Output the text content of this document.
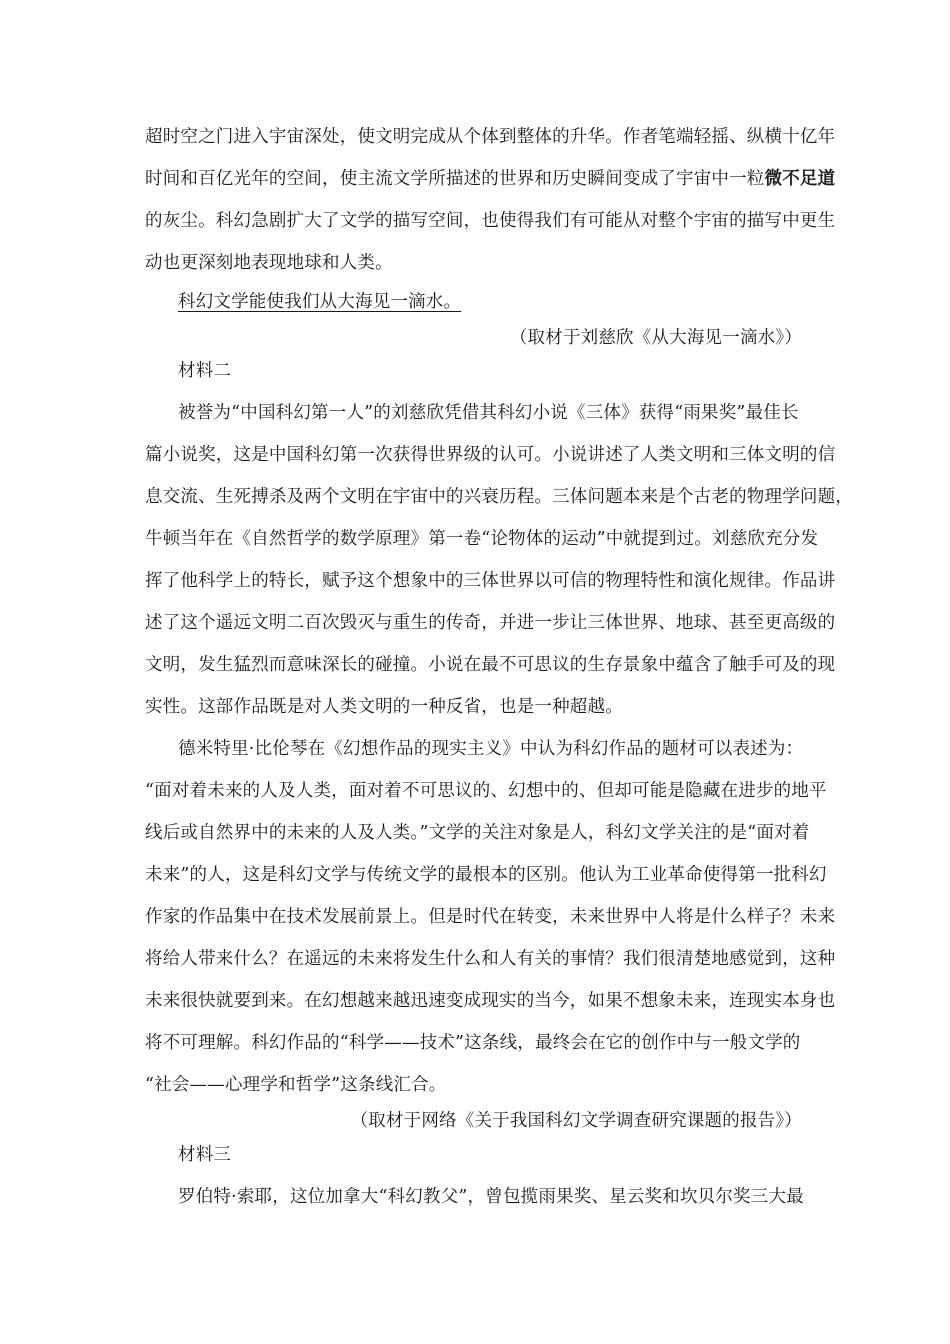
超时空之门进入宇宙深处，使文明完成从个体到整体的升华。作者笔端轻摇、纵横十亿年
时间和百亿光年的空间，使主流文学所描述的世界和历史瞬间变成了宇宙中一粒微不足道
的灰尘。科幻急剧扩大了文学的描写空间，也使得我们有可能从对整个宇宙的描写中更生
动也更深刻地表现地球和人类。
科幻文学能使我们从大海见一滴水。
（取材于刘慈欣《从大海见一滴水》）
材料二
被誉为“中国科幻第一人”的刘慈欣凭借其科幻小说《三体》获得“雨果奖”最佳长
篇小说奖，这是中国科幻第一次获得世界级的认可。小说讲述了人类文明和三体文明的信
息交流、生死搏杀及两个文明在宇宙中的兴衰历程。三体问题本来是个古老的物理学问题，
牛顿当年在《自然哲学的数学原理》第一卷“论物体的运动”中就提到过。刘慈欣充分发
挥了他科学上的特长，赋予这个想象中的三体世界以可信的物理特性和演化规律。作品讲
述了这个遥远文明二百次毁灭与重生的传奇，并进一步让三体世界、地球、甚至更高级的
文明，发生猛烈而意味深长的碰撞。小说在最不可思议的生存景象中蕴含了触手可及的现
实性。这部作品既是对人类文明的一种反省，也是一种超越。
德米特里·比伦琴在《幻想作品的现实主义》中认为科幻作品的题材可以表述为：
“面对着未来的人及人类，面对着不可思议的、幻想中的、但却可能是隐藏在进步的地平
线后或自然界中的未来的人及人类。”文学的关注对象是人，科幻文学关注的是“面对着
未来”的人，这是科幻文学与传统文学的最根本的区别。他认为工业革命使得第一批科幻
作家的作品集中在技术发展前景上。但是时代在转变，未来世界中人将是什么样子？未来
将给人带来什么？在遥远的未来将发生什么和人有关的事情？我们很清楚地感觉到，这种
未来很快就要到来。在幻想越来越迅速变成现实的当今，如果不想象未来，连现实本身也
将不可理解。科幻作品的“科学——技术”这条线，最终会在它的创作中与一般文学的
“社会——心理学和哲学”这条线汇合。
（取材于网络《关于我国科幻文学调查研究课题的报告》）
材料三
罗伯特·索耶，这位加拿大“科幻教父”，曾包揽雨果奖、星云奖和坎贝尔奖三大最
